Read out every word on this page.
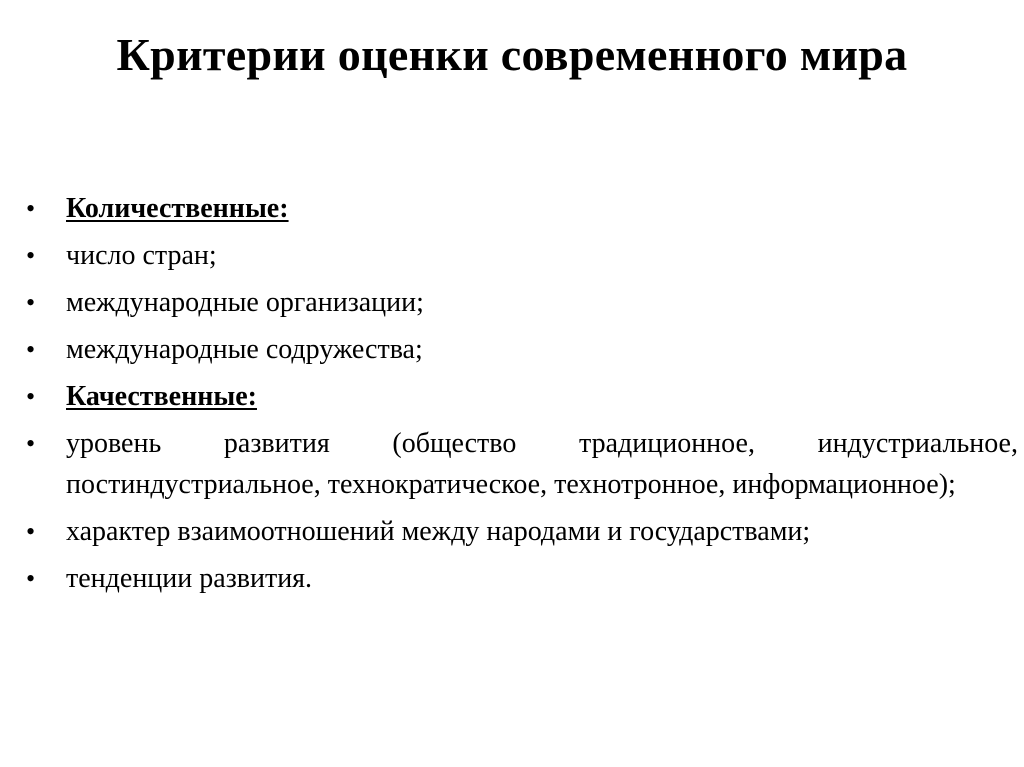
Критерии оценки современного мира
• Количественные:
• число стран;
• международные организации;
• международные содружества;
• Качественные:
• уровень развития (общество традиционное, индустриальное, постиндустриальное, технократическое, технотронное, информационное);
• характер взаимоотношений между народами и государствами;
• тенденции развития.
